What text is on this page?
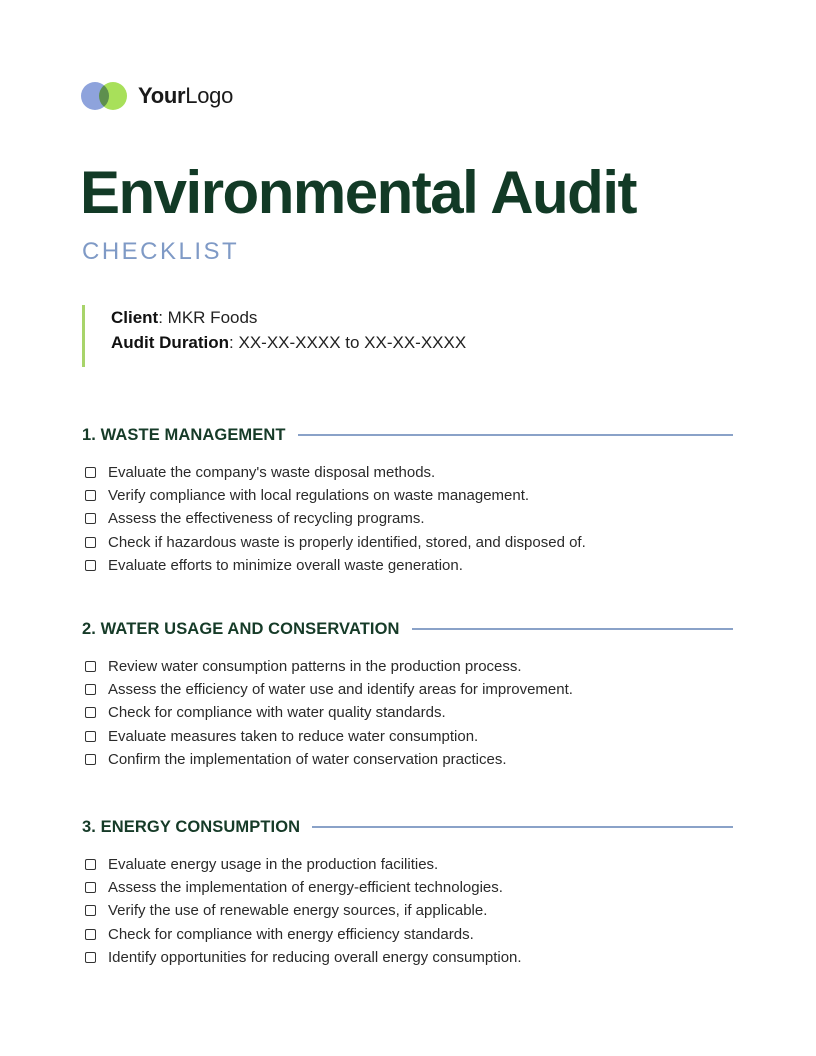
YourLogo
Environmental Audit
CHECKLIST
Client: MKR Foods
Audit Duration: XX-XX-XXXX to XX-XX-XXXX
1. WASTE MANAGEMENT
Evaluate the company's waste disposal methods.
Verify compliance with local regulations on waste management.
Assess the effectiveness of recycling programs.
Check if hazardous waste is properly identified, stored, and disposed of.
Evaluate efforts to minimize overall waste generation.
2. WATER USAGE AND CONSERVATION
Review water consumption patterns in the production process.
Assess the efficiency of water use and identify areas for improvement.
Check for compliance with water quality standards.
Evaluate measures taken to reduce water consumption.
Confirm the implementation of water conservation practices.
3. ENERGY CONSUMPTION
Evaluate energy usage in the production facilities.
Assess the implementation of energy-efficient technologies.
Verify the use of renewable energy sources, if applicable.
Check for compliance with energy efficiency standards.
Identify opportunities for reducing overall energy consumption.
